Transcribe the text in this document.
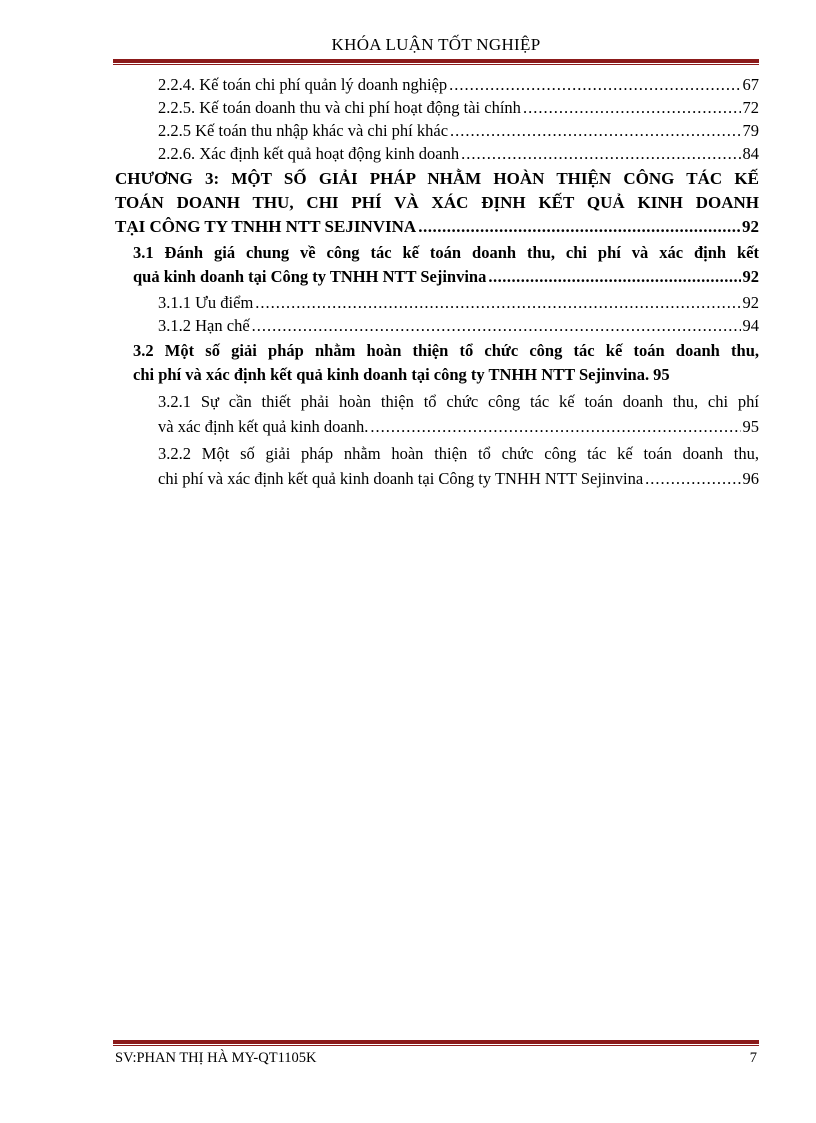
KHÓA LUẬN TỐT NGHIỆP
2.2.4. Kế toán chi phí quản lý doanh nghiệp .....	67
2.2.5. Kế toán doanh thu và chi phí hoạt động tài chính .....	72
2.2.5 Kế toán thu nhập khác và chi phí khác .....	79
2.2.6. Xác định kết quả hoạt động kinh doanh .....	84
CHƯƠNG 3: MỘT SỐ GIẢI PHÁP NHẰM HOÀN THIỆN CÔNG TÁC KẾ
TOÁN DOANH THU, CHI PHÍ VÀ XÁC ĐỊNH KẾT QUẢ KINH DOANH
TẠI CÔNG TY TNHH NTT SEJINVINA .....	92
3.1 Đánh giá chung về công tác kế toán doanh thu, chi phí và xác định kết
quả kinh doanh tại Công ty TNHH NTT Sejinvina .....	92
3.1.1 Ưu điểm .....	92
3.1.2 Hạn chế .....	94
3.2 Một số giải pháp nhằm hoàn thiện tổ chức công tác kế toán doanh thu,
chi phí và xác định kết quả kinh doanh tại công ty TNHH NTT Sejinvina. 95
3.2.1 Sự cần thiết phải hoàn thiện tổ chức công tác kế toán doanh thu, chi phí
và xác định kết quả kinh doanh. .....	95
3.2.2 Một số giải pháp nhằm hoàn thiện tổ chức công tác kế toán doanh thu,
chi phí và xác định kết quả kinh doanh tại Công ty TNHH NTT Sejinvina .....	96
SV:PHAN THỊ HÀ MY-QT1105K	7
